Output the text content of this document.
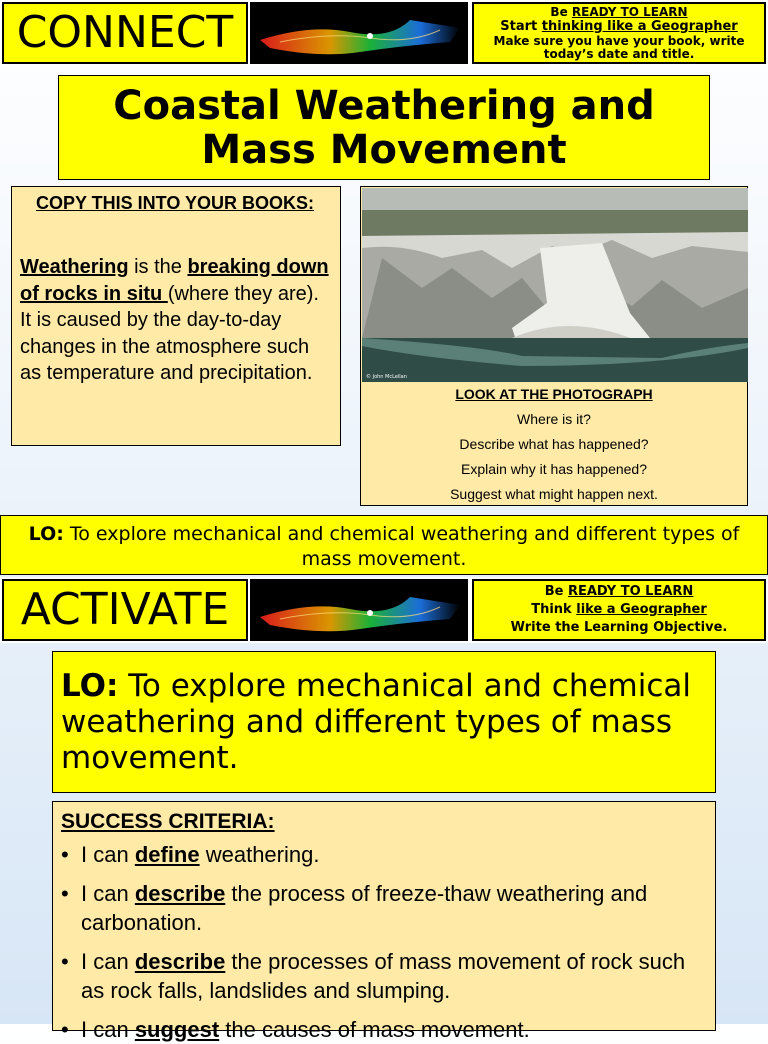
CONNECT	Be READY TO LEARN
Start thinking like a Geographer
Make sure you have your book, write today’s date and title.
Coastal Weathering and Mass Movement
COPY THIS INTO YOUR BOOKS:
Weathering is the breaking down of rocks in situ (where they are). It is caused by the day-to-day changes in the atmosphere such as temperature and precipitation.	© John McLellan
LOOK AT THE PHOTOGRAPH
Where is it?
Describe what has happened?
Explain why it has happened?
Suggest what might happen next.
LO: To explore mechanical and chemical weathering and different types of mass movement.
ACTIVATE	Be READY TO LEARN
Think like a Geographer
Write the Learning Objective.
LO: To explore mechanical and chemical weathering and different types of mass movement.
SUCCESS CRITERIA:
• I can define weathering.
• I can describe the process of freeze-thaw weathering and carbonation.
• I can describe the processes of mass movement of rock such as rock falls, landslides and slumping.
• I can suggest the causes of mass movement.
